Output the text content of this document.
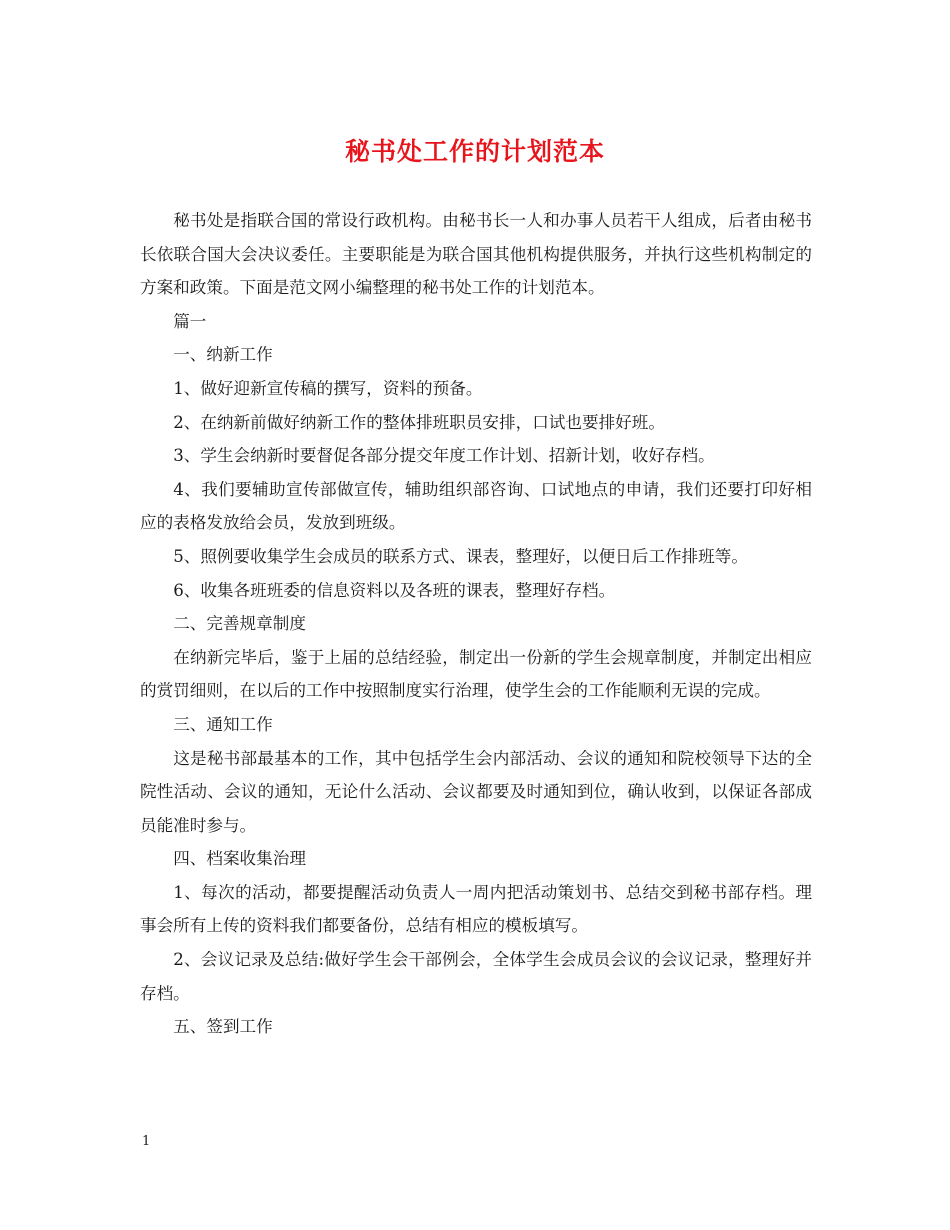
秘书处工作的计划范本

秘书处是指联合国的常设行政机构。由秘书长一人和办事人员若干人组成，后者由秘书长依联合国大会决议委任。主要职能是为联合国其他机构提供服务，并执行这些机构制定的方案和政策。下面是范文网小编整理的秘书处工作的计划范本。

篇一

一、纳新工作

1、做好迎新宣传稿的撰写，资料的预备。

2、在纳新前做好纳新工作的整体排班职员安排，口试也要排好班。

3、学生会纳新时要督促各部分提交年度工作计划、招新计划，收好存档。

4、我们要辅助宣传部做宣传，辅助组织部咨询、口试地点的申请，我们还要打印好相应的表格发放给会员，发放到班级。

5、照例要收集学生会成员的联系方式、课表，整理好，以便日后工作排班等。

6、收集各班班委的信息资料以及各班的课表，整理好存档。

二、完善规章制度

在纳新完毕后，鉴于上届的总结经验，制定出一份新的学生会规章制度，并制定出相应的赏罚细则，在以后的工作中按照制度实行治理，使学生会的工作能顺利无误的完成。

三、通知工作

这是秘书部最基本的工作，其中包括学生会内部活动、会议的通知和院校领导下达的全院性活动、会议的通知，无论什么活动、会议都要及时通知到位，确认收到，以保证各部成员能准时参与。

四、档案收集治理

1、每次的活动，都要提醒活动负责人一周内把活动策划书、总结交到秘书部存档。理事会所有上传的资料我们都要备份，总结有相应的模板填写。

2、会议记录及总结:做好学生会干部例会，全体学生会成员会议的会议记录，整理好并存档。

五、签到工作

1
